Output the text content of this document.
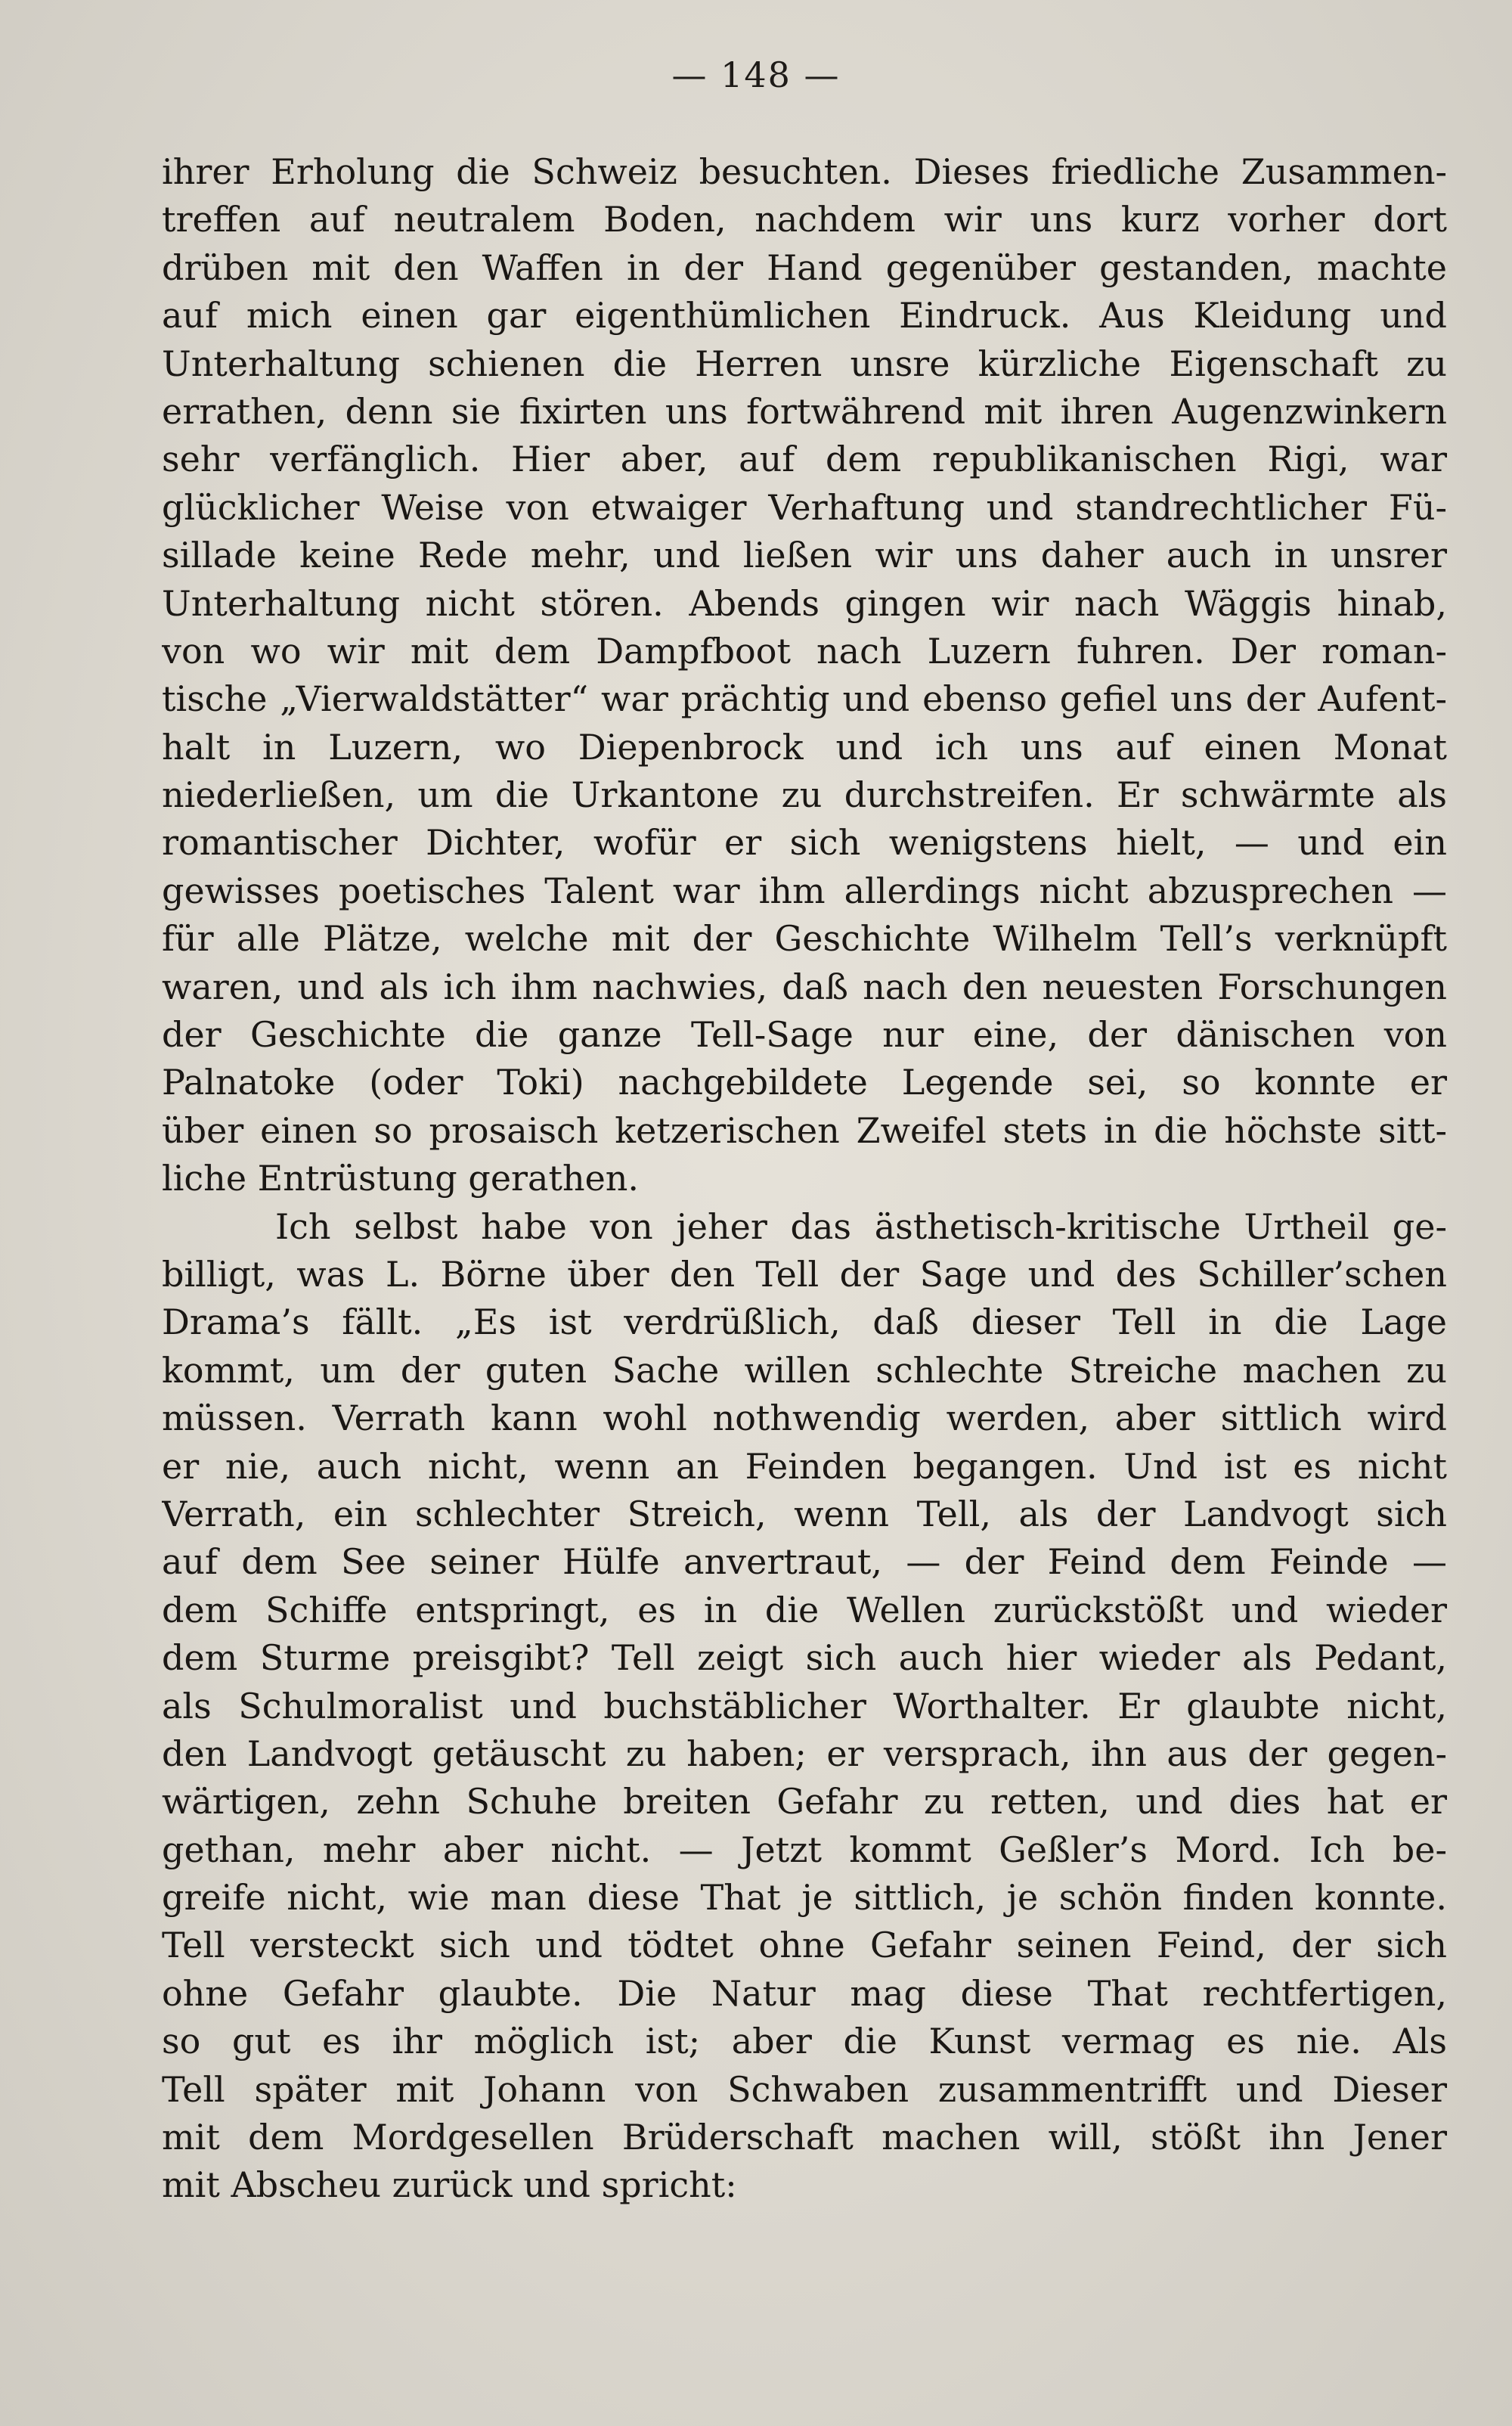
— 148 —
ihrer Erholung die Schweiz besuchten. Dieses friedliche Zusammen-
treffen auf neutralem Boden, nachdem wir uns kurz vorher dort
drüben mit den Waffen in der Hand gegenüber gestanden, machte
auf mich einen gar eigenthümlichen Eindruck. Aus Kleidung und
Unterhaltung schienen die Herren unsre kürzliche Eigenschaft zu
errathen, denn sie fixirten uns fortwährend mit ihren Augenzwinkern
sehr verfänglich. Hier aber, auf dem republikanischen Rigi, war
glücklicher Weise von etwaiger Verhaftung und standrechtlicher Fü-
sillade keine Rede mehr, und ließen wir uns daher auch in unsrer
Unterhaltung nicht stören. Abends gingen wir nach Wäggis hinab,
von wo wir mit dem Dampfboot nach Luzern fuhren. Der roman-
tische „Vierwaldstätter“ war prächtig und ebenso gefiel uns der Aufent-
halt in Luzern, wo Diepenbrock und ich uns auf einen Monat
niederließen, um die Urkantone zu durchstreifen. Er schwärmte als
romantischer Dichter, wofür er sich wenigstens hielt, — und ein
gewisses poetisches Talent war ihm allerdings nicht abzusprechen —
für alle Plätze, welche mit der Geschichte Wilhelm Tell’s verknüpft
waren, und als ich ihm nachwies, daß nach den neuesten Forschungen
der Geschichte die ganze Tell-Sage nur eine, der dänischen von
Palnatoke (oder Toki) nachgebildete Legende sei, so konnte er
über einen so prosaisch ketzerischen Zweifel stets in die höchste sitt-
liche Entrüstung gerathen.
Ich selbst habe von jeher das ästhetisch-kritische Urtheil ge-
billigt, was L. Börne über den Tell der Sage und des Schiller’schen
Drama’s fällt. „Es ist verdrüßlich, daß dieser Tell in die Lage
kommt, um der guten Sache willen schlechte Streiche machen zu
müssen. Verrath kann wohl nothwendig werden, aber sittlich wird
er nie, auch nicht, wenn an Feinden begangen. Und ist es nicht
Verrath, ein schlechter Streich, wenn Tell, als der Landvogt sich
auf dem See seiner Hülfe anvertraut, — der Feind dem Feinde —
dem Schiffe entspringt, es in die Wellen zurückstößt und wieder
dem Sturme preisgibt? Tell zeigt sich auch hier wieder als Pedant,
als Schulmoralist und buchstäblicher Worthalter. Er glaubte nicht,
den Landvogt getäuscht zu haben; er versprach, ihn aus der gegen-
wärtigen, zehn Schuhe breiten Gefahr zu retten, und dies hat er
gethan, mehr aber nicht. — Jetzt kommt Geßler’s Mord. Ich be-
greife nicht, wie man diese That je sittlich, je schön finden konnte.
Tell versteckt sich und tödtet ohne Gefahr seinen Feind, der sich
ohne Gefahr glaubte. Die Natur mag diese That rechtfertigen,
so gut es ihr möglich ist; aber die Kunst vermag es nie. Als
Tell später mit Johann von Schwaben zusammentrifft und Dieser
mit dem Mordgesellen Brüderschaft machen will, stößt ihn Jener
mit Abscheu zurück und spricht:
